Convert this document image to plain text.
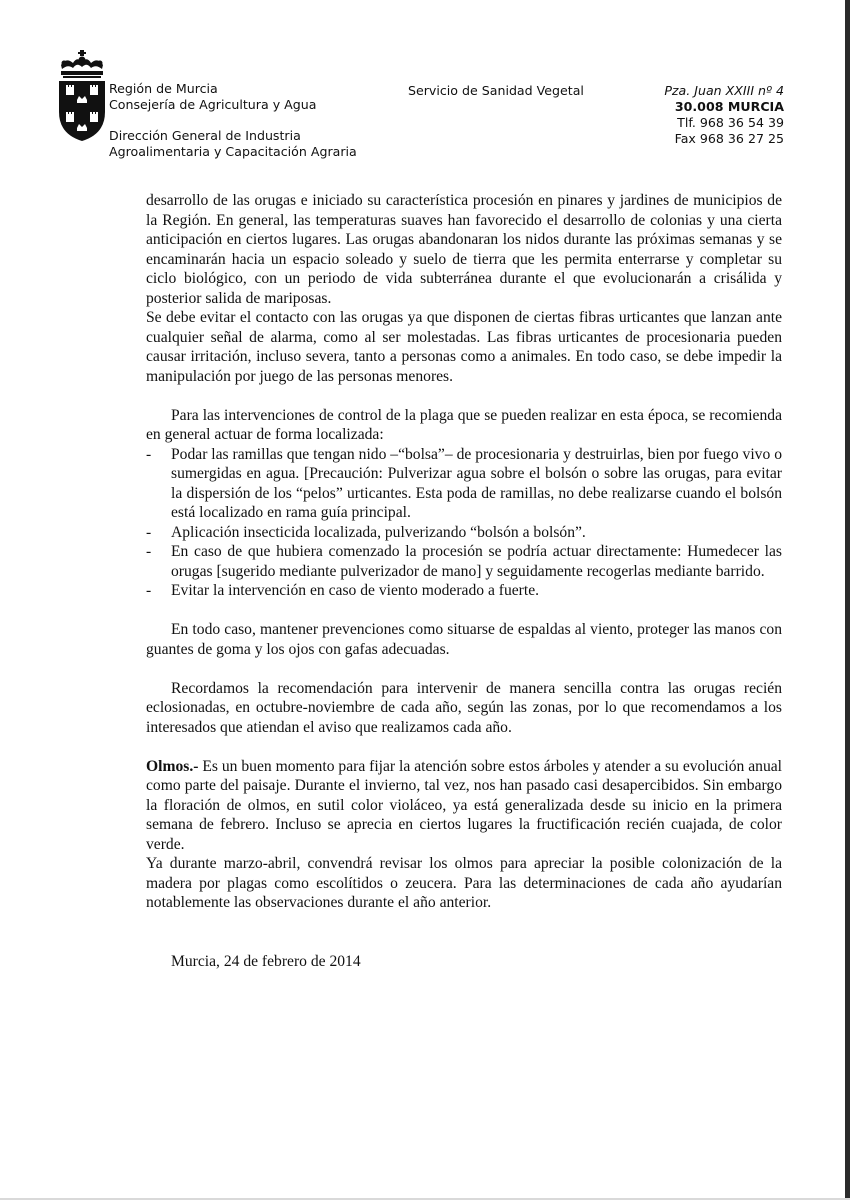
Región de Murcia
Consejería de Agricultura y Agua
Dirección General de Industria
Agroalimentaria y Capacitación Agraria
Servicio de Sanidad Vegetal	Pza. Juan XXIII nº 4
30.008 MURCIA
Tlf. 968 36 54 39
Fax 968 36 27 25

desarrollo de las orugas e iniciado su característica procesión en pinares y jardines de municipios de la Región. En general, las temperaturas suaves han favorecido el desarrollo de colonias y una cierta anticipación en ciertos lugares. Las orugas abandonaran los nidos durante las próximas semanas y se encaminarán hacia un espacio soleado y suelo de tierra que les permita enterrarse y completar su ciclo biológico, con un periodo de vida subterránea durante el que evolucionarán a crisálida y posterior salida de mariposas.

Se debe evitar el contacto con las orugas ya que disponen de ciertas fibras urticantes que lanzan ante cualquier señal de alarma, como al ser molestadas. Las fibras urticantes de procesionaria pueden causar irritación, incluso severa, tanto a personas como a animales. En todo caso, se debe impedir la manipulación por juego de las personas menores.

Para las intervenciones de control de la plaga que se pueden realizar en esta época, se recomienda en general actuar de forma localizada:

- Podar las ramillas que tengan nido –“bolsa”– de procesionaria y destruirlas, bien por fuego vivo o sumergidas en agua. [Precaución: Pulverizar agua sobre el bolsón o sobre las orugas, para evitar la dispersión de los “pelos” urticantes. Esta poda de ramillas, no debe realizarse cuando el bolsón está localizado en rama guía principal.
- Aplicación insecticida localizada, pulverizando “bolsón a bolsón”.
- En caso de que hubiera comenzado la procesión se podría actuar directamente: Humedecer las orugas [sugerido mediante pulverizador de mano] y seguidamente recogerlas mediante barrido.
- Evitar la intervención en caso de viento moderado a fuerte.

En todo caso, mantener prevenciones como situarse de espaldas al viento, proteger las manos con guantes de goma y los ojos con gafas adecuadas.

Recordamos la recomendación para intervenir de manera sencilla contra las orugas recién eclosionadas, en octubre-noviembre de cada año, según las zonas, por lo que recomendamos a los interesados que atiendan el aviso que realizamos cada año.

Olmos.- Es un buen momento para fijar la atención sobre estos árboles y atender a su evolución anual como parte del paisaje. Durante el invierno, tal vez, nos han pasado casi desapercibidos. Sin embargo la floración de olmos, en sutil color violáceo, ya está generalizada desde su inicio en la primera semana de febrero. Incluso se aprecia en ciertos lugares la fructificación recién cuajada, de color verde.

Ya durante marzo-abril, convendrá revisar los olmos para apreciar la posible colonización de la madera por plagas como escolítidos o zeucera. Para las determinaciones de cada año ayudarían notablemente las observaciones durante el año anterior.

Murcia, 24 de febrero de 2014
